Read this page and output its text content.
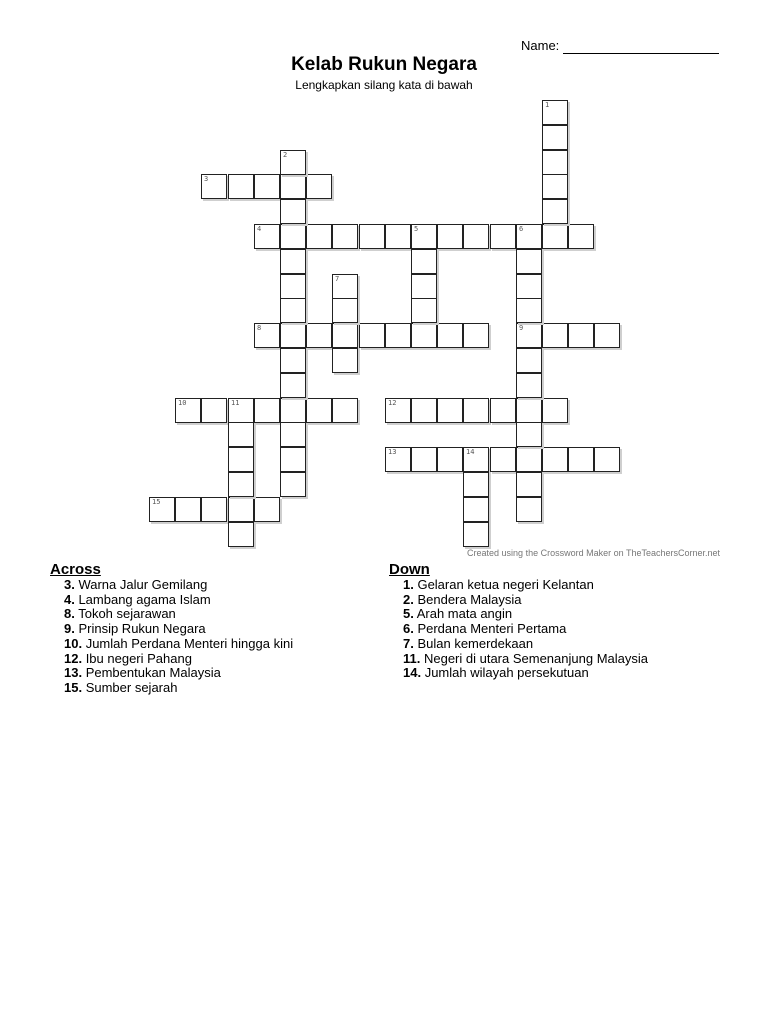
Name:
Kelab Rukun Negara
Lengkapkan silang kata di bawah
3
4	5	6
8	9
10	11	12
13	14
15
1
2
7
Created using the Crossword Maker on TheTeachersCorner.net
Across
3. Warna Jalur Gemilang
4. Lambang agama Islam
8. Tokoh sejarawan
9. Prinsip Rukun Negara
10. Jumlah Perdana Menteri hingga kini
12. Ibu negeri Pahang
13. Pembentukan Malaysia
15. Sumber sejarah
Down
1. Gelaran ketua negeri Kelantan
2. Bendera Malaysia
5. Arah mata angin
6. Perdana Menteri Pertama
7. Bulan kemerdekaan
11. Negeri di utara Semenanjung Malaysia
14. Jumlah wilayah persekutuan
